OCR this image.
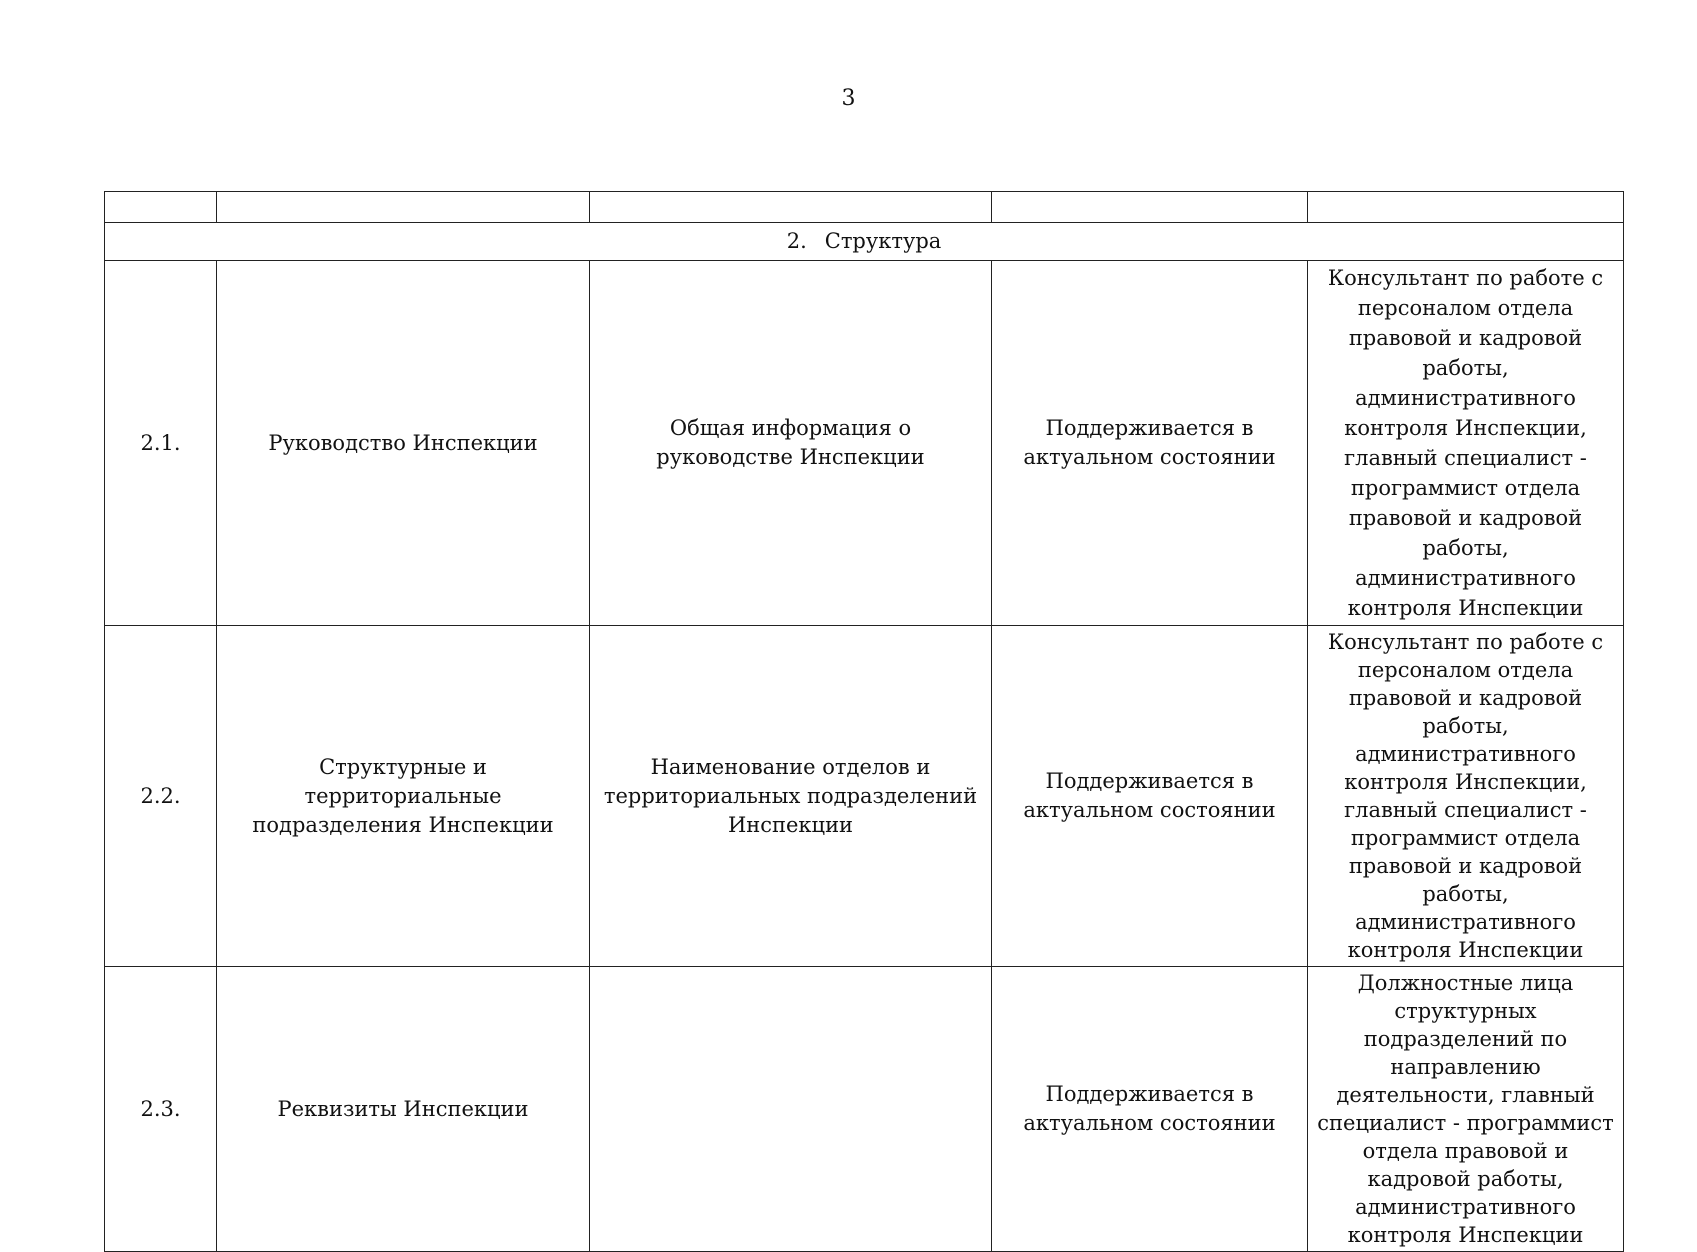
3

2. Структура				
2.1.	Руководство Инспекции	Общая информация о руководстве Инспекции	Поддерживается в актуальном состоянии	Консультант по работе с персоналом отдела правовой и кадровой работы, административного контроля Инспекции, главный специалист - программист отдела правовой и кадровой работы, административного контроля Инспекции
2.2.	Структурные и территориальные подразделения Инспекции	Наименование отделов и территориальных подразделений Инспекции	Поддерживается в актуальном состоянии	Консультант по работе с персоналом отдела правовой и кадровой работы, административного контроля Инспекции, главный специалист - программист отдела правовой и кадровой работы, административного контроля Инспекции
2.3.	Реквизиты Инспекции		Поддерживается в актуальном состоянии	Должностные лица структурных подразделений по направлению деятельности, главный специалист - программист отдела правовой и кадровой работы, административного контроля Инспекции
